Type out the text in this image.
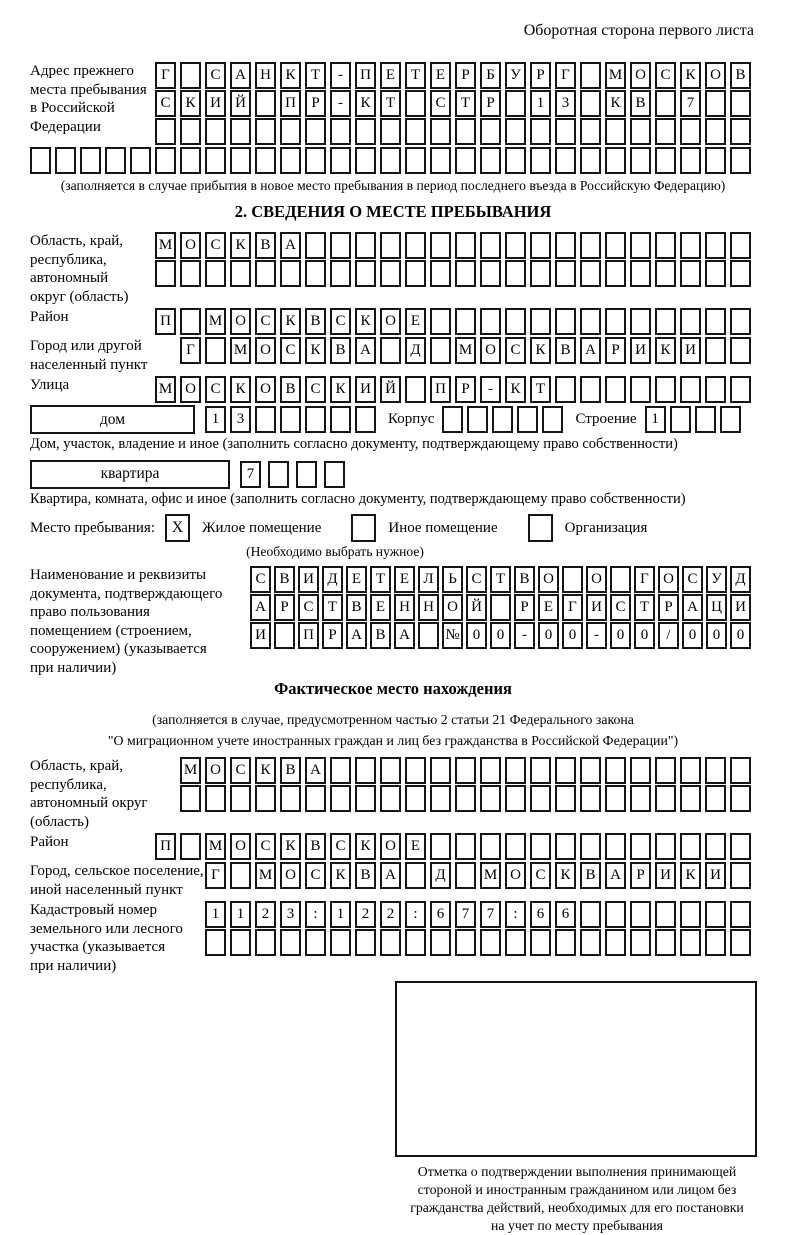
Оборотная сторона первого листа
Адрес прежнего
места пребывания
в Российской
Федерации
Г	С А Н К	Т	-	П Е	Т	Е	Р	Б	У	Р	Г	М О С К О В
С К И Й	П	Р	-	К	Т	С	Т	Р	1	3	К В	7
(заполняется в случае прибытия в новое место пребывания в период последнего въезда в Российскую Федерацию)
2. СВЕДЕНИЯ О МЕСТЕ ПРЕБЫВАНИЯ
Область, край,
республика,
автономный
округ (область)
М О С К В А
Район	П	М О С К В С К О Е
Город или другой
населенный пункт
Г	М О С К В А	Д	М О С К В А	Р	И К И
Улица	М О С К О В С К И Й	П	Р	-	К	Т
дом	1	3	Корпус	Строение 1
Дом, участок, владение и иное (заполнить согласно документу, подтверждающему право собственности)
квартира	7
Квартира, комната, офис и иное (заполнить согласно документу, подтверждающему право собственности)
Место пребывания:	X	Жилое помещение	Иное помещение	Организация
(Необходимо выбрать нужное)
Наименование и реквизиты
документа, подтверждающего
право пользования
помещением (строением,
сооружением) (указывается
при наличии)
С В И Д Е Т Е Л Ь С Т В О	О	Г О С У Д
А Р С Т В Е Н Н О Й	Р	Е	Г И С Т	Р А Ц И
И	П Р А В А	№ 0	0	-	0	0	-	0	0	/	0	0	0
Фактическое место нахождения
(заполняется в случае, предусмотренном частью 2 статьи 21 Федерального закона
"О миграционном учете иностранных граждан и лиц без гражданства в Российской Федерации")
Область, край,
республика,
автономный округ
(область)
М О С К В А
Район	П	М О С К В С К О Е
Город, сельское поселение,
иной населенный пункт
Г	М О С К В А	Д	М О С К В А	Р	И К И
Кадастровый номер
земельного или лесного
участка (указывается
при наличии)
1	1	2	3	:	1	2	2	:	6	7	7	:	6	6
Отметка о подтверждении выполнения принимающей
стороной и иностранным гражданином или лицом без
гражданства действий, необходимых для его постановки
на учет по месту пребывания
